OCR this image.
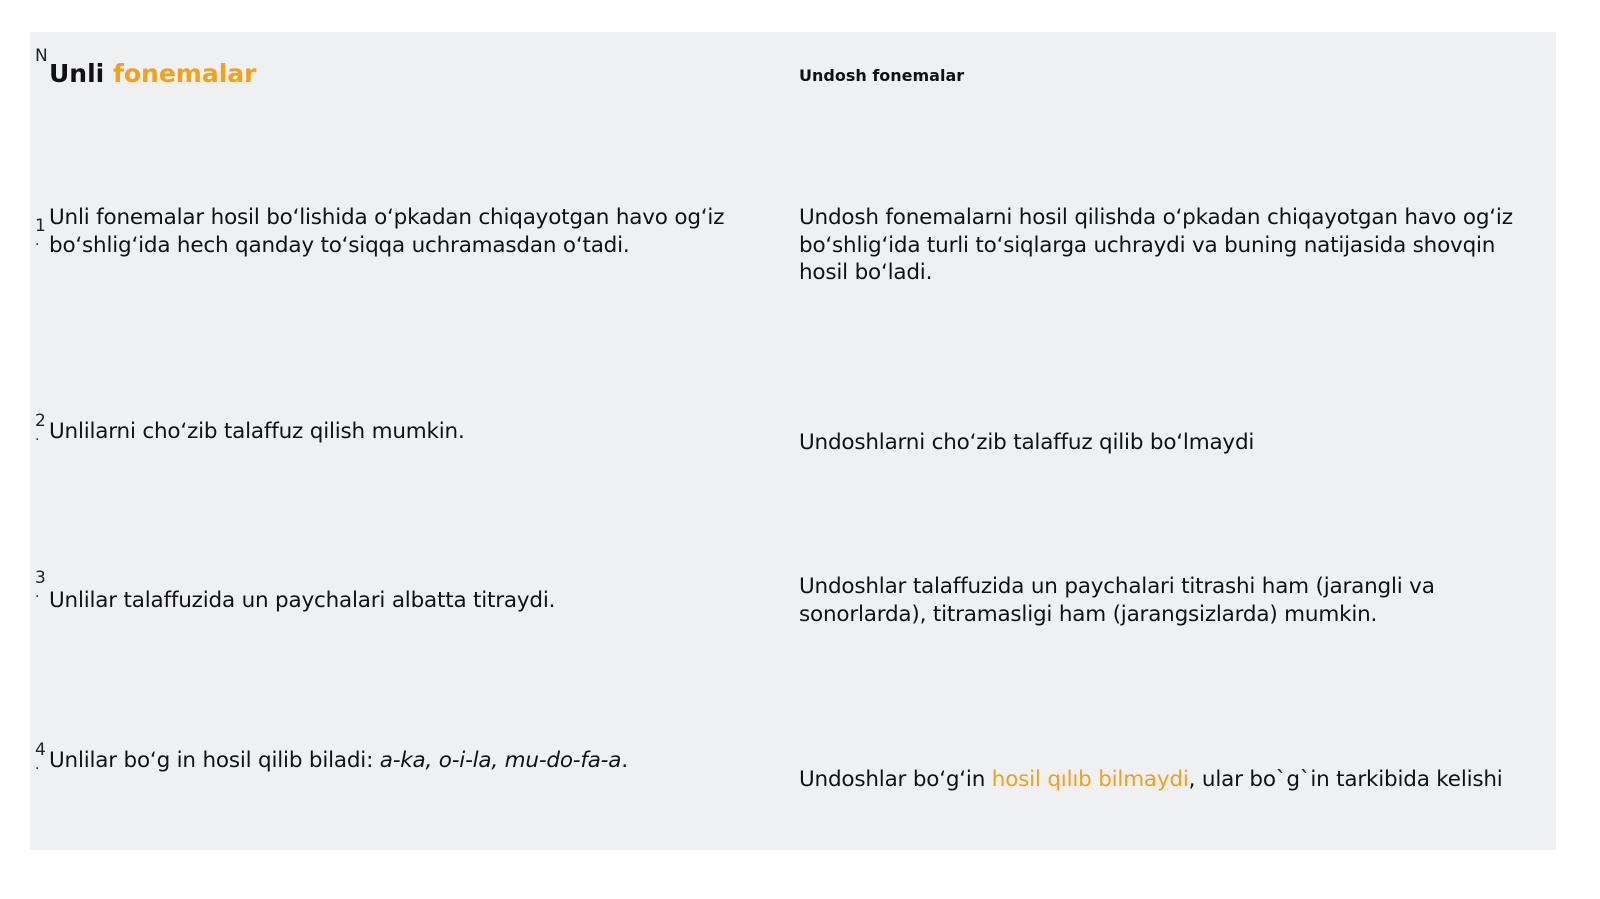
N
Unli fonemalar	Undosh fonemalar
1
.
Unli fonemalar hosil bo‘lishida o‘pkadan chiqayotgan havo og‘iz bo‘shlig‘ida hech qanday to‘siqqa uchramasdan o‘tadi.
Undosh fonemalarni hosil qilishda o‘pkadan chiqayotgan havo og‘iz bo‘shlig‘ida turli to‘siqlarga uchraydi va buning natijasida shovqin hosil bo‘ladi.
2
. Unlilarni cho‘zib talaffuz qilish mumkin.	Undoshlarni cho‘zib talaffuz qilib bo‘lmaydi
3
. Unlilar talaffuzida un paychalari albatta titraydi.
Undoshlar talaffuzida un paychalari titrashi ham (jarangli va sonorlarda), titramasligi ham (jarangsizlarda) mumkin.
4
. Unlilar bo‘g in hosil qilib biladi: a-ka, o-i-la, mu-do-fa-a.
Undoshlar bo‘g‘in hosil qılıb bilmaydi, ular bo`g`in tarkibida kelishi
